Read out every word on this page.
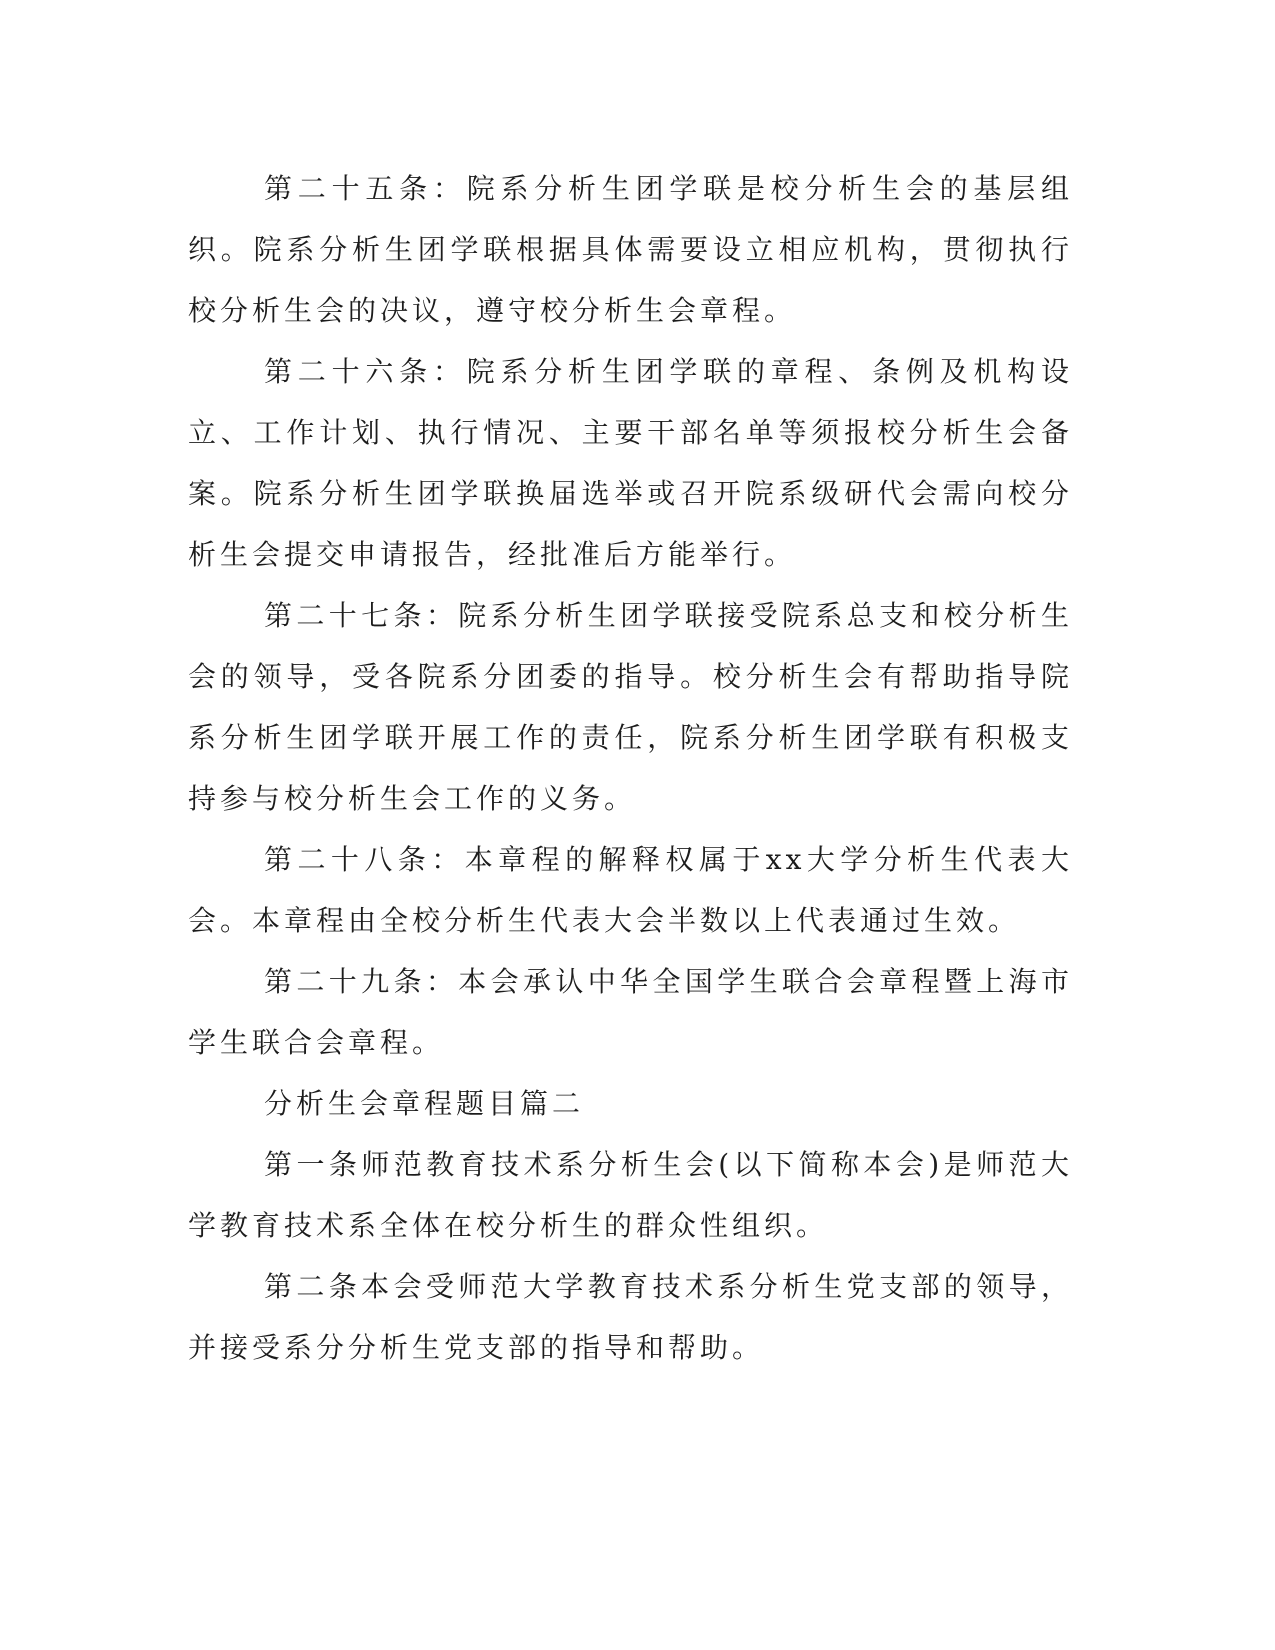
第二十五条：院系分析生团学联是校分析生会的基层组织。院系分析生团学联根据具体需要设立相应机构，贯彻执行校分析生会的决议，遵守校分析生会章程。

第二十六条：院系分析生团学联的章程、条例及机构设立、工作计划、执行情况、主要干部名单等须报校分析生会备案。院系分析生团学联换届选举或召开院系级研代会需向校分析生会提交申请报告，经批准后方能举行。

第二十七条：院系分析生团学联接受院系总支和校分析生会的领导，受各院系分团委的指导。校分析生会有帮助指导院系分析生团学联开展工作的责任，院系分析生团学联有积极支持参与校分析生会工作的义务。

第二十八条：本章程的解释权属于xx大学分析生代表大会。本章程由全校分析生代表大会半数以上代表通过生效。

第二十九条：本会承认中华全国学生联合会章程暨上海市学生联合会章程。

分析生会章程题目篇二

第一条师范教育技术系分析生会(以下简称本会)是师范大学教育技术系全体在校分析生的群众性组织。

第二条本会受师范大学教育技术系分析生党支部的领导，并接受系分分析生党支部的指导和帮助。
